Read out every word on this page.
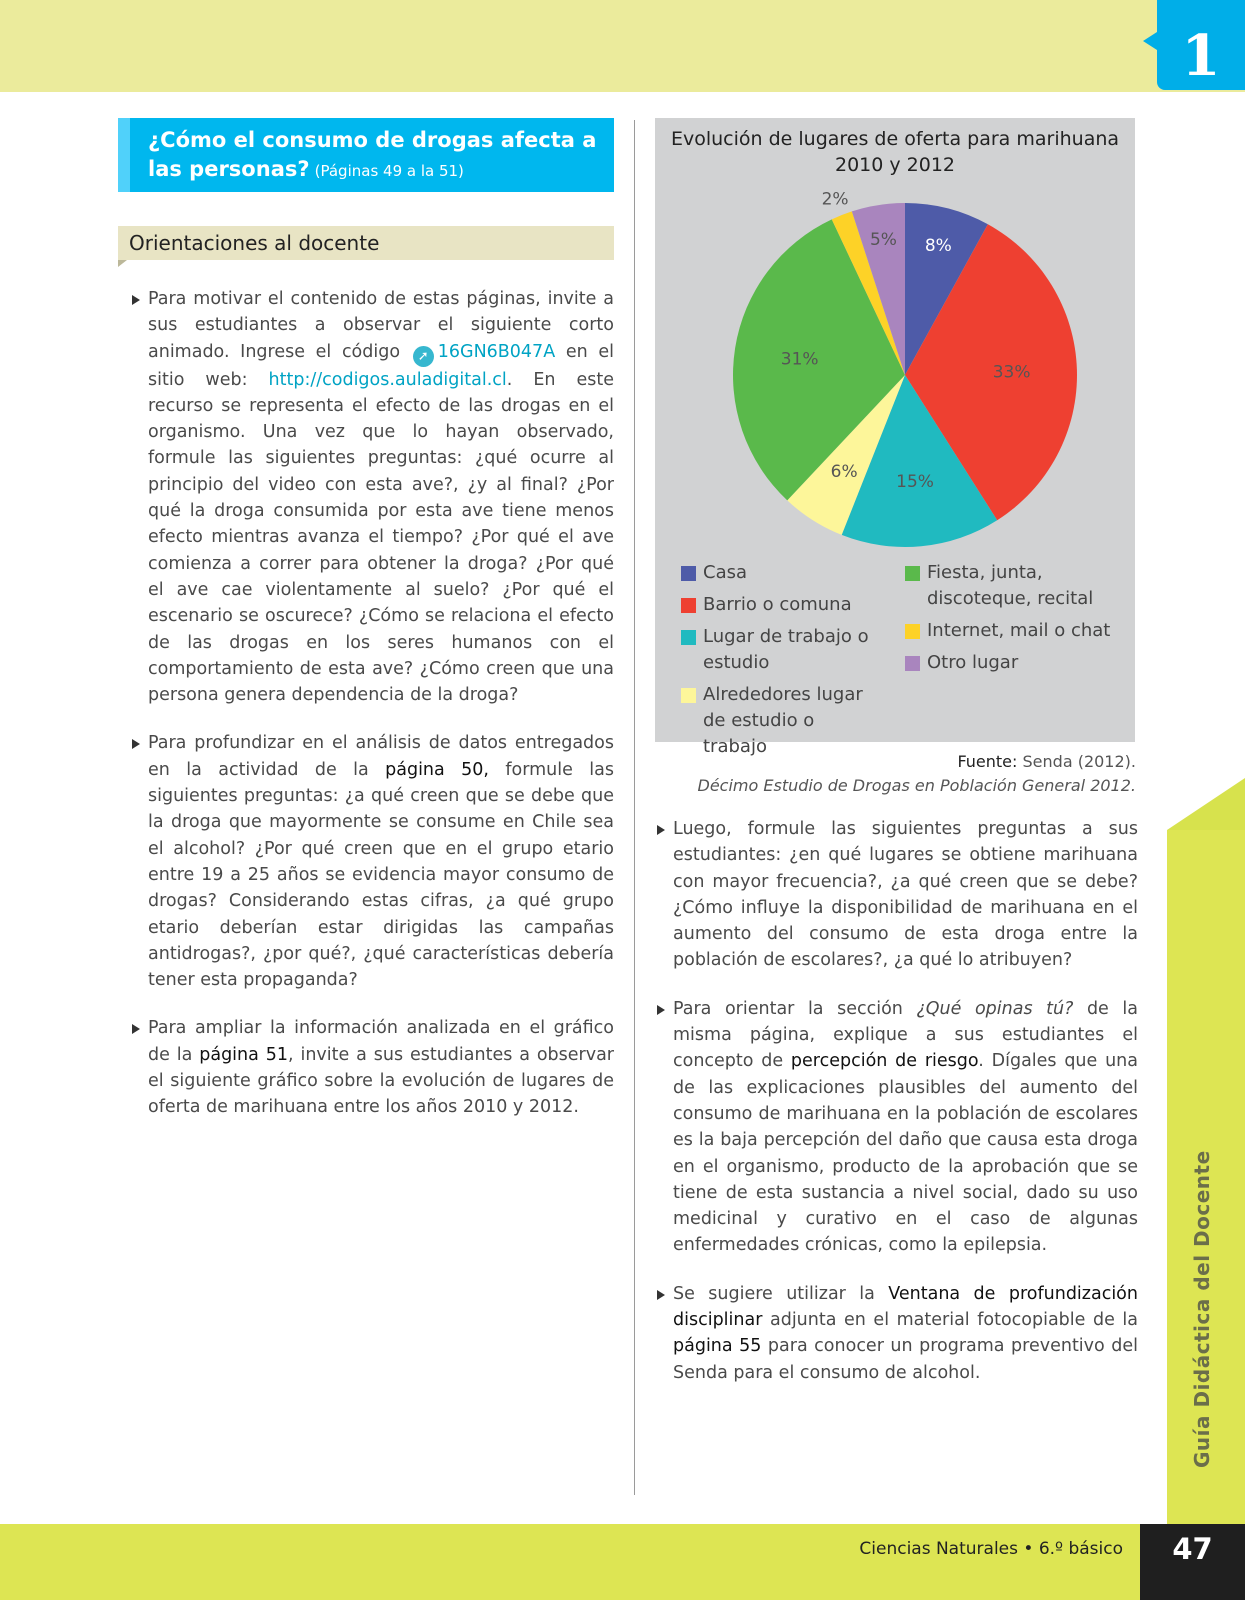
1
¿Cómo el consumo de drogas afecta a las personas? (Páginas 49 a la 51)
Orientaciones al docente
Para motivar el contenido de estas páginas, invite a sus estudiantes a observar el siguiente corto animado. Ingrese el código ➚ 16GN6B047A en el sitio web: http://codigos.auladigital.cl. En este recurso se representa el efecto de las drogas en el organismo. Una vez que lo hayan observado, formule las siguientes preguntas: ¿qué ocurre al principio del video con esta ave?, ¿y al final? ¿Por qué la droga consumida por esta ave tiene menos efecto mientras avanza el tiempo? ¿Por qué el ave comienza a correr para obtener la droga? ¿Por qué el ave cae violentamente al suelo? ¿Por qué el escenario se oscurece? ¿Cómo se relaciona el efecto de las drogas en los seres humanos con el comportamiento de esta ave? ¿Cómo creen que una persona genera dependencia de la droga?
Para profundizar en el análisis de datos entregados en la actividad de la página 50, formule las siguientes preguntas: ¿a qué creen que se debe que la droga que mayormente se consume en Chile sea el alcohol? ¿Por qué creen que en el grupo etario entre 19 a 25 años se evidencia mayor consumo de drogas? Considerando estas cifras, ¿a qué grupo etario deberían estar dirigidas las campañas antidrogas?, ¿por qué?, ¿qué características debería tener esta propaganda?
Para ampliar la información analizada en el gráfico de la página 51, invite a sus estudiantes a observar el siguiente gráfico sobre la evolución de lugares de oferta de marihuana entre los años 2010 y 2012.
Evolución de lugares de oferta para marihuana 2010 y 2012
8%
33%
15%
6%
31%
2%
5%
Casa
Barrio o comuna
Lugar de trabajo o estudio
Alrededores lugar de estudio o trabajo
Fiesta, junta, discoteque, recital
Internet, mail o chat
Otro lugar
Fuente: Senda (2012).
Décimo Estudio de Drogas en Población General 2012.
Luego, formule las siguientes preguntas a sus estudiantes: ¿en qué lugares se obtiene marihuana con mayor frecuencia?, ¿a qué creen que se debe? ¿Cómo influye la disponibilidad de marihuana en el aumento del consumo de esta droga entre la población de escolares?, ¿a qué lo atribuyen?
Para orientar la sección ¿Qué opinas tú? de la misma página, explique a sus estudiantes el concepto de percepción de riesgo. Dígales que una de las explicaciones plausibles del aumento del consumo de marihuana en la población de escolares es la baja percepción del daño que causa esta droga en el organismo, producto de la aprobación que se tiene de esta sustancia a nivel social, dado su uso medicinal y curativo en el caso de algunas enfermedades crónicas, como la epilepsia.
Se sugiere utilizar la Ventana de profundización disciplinar adjunta en el material fotocopiable de la página 55 para conocer un programa preventivo del Senda para el consumo de alcohol.	Guía Didáctica del Docente
Ciencias Naturales • 6.º básico	47
